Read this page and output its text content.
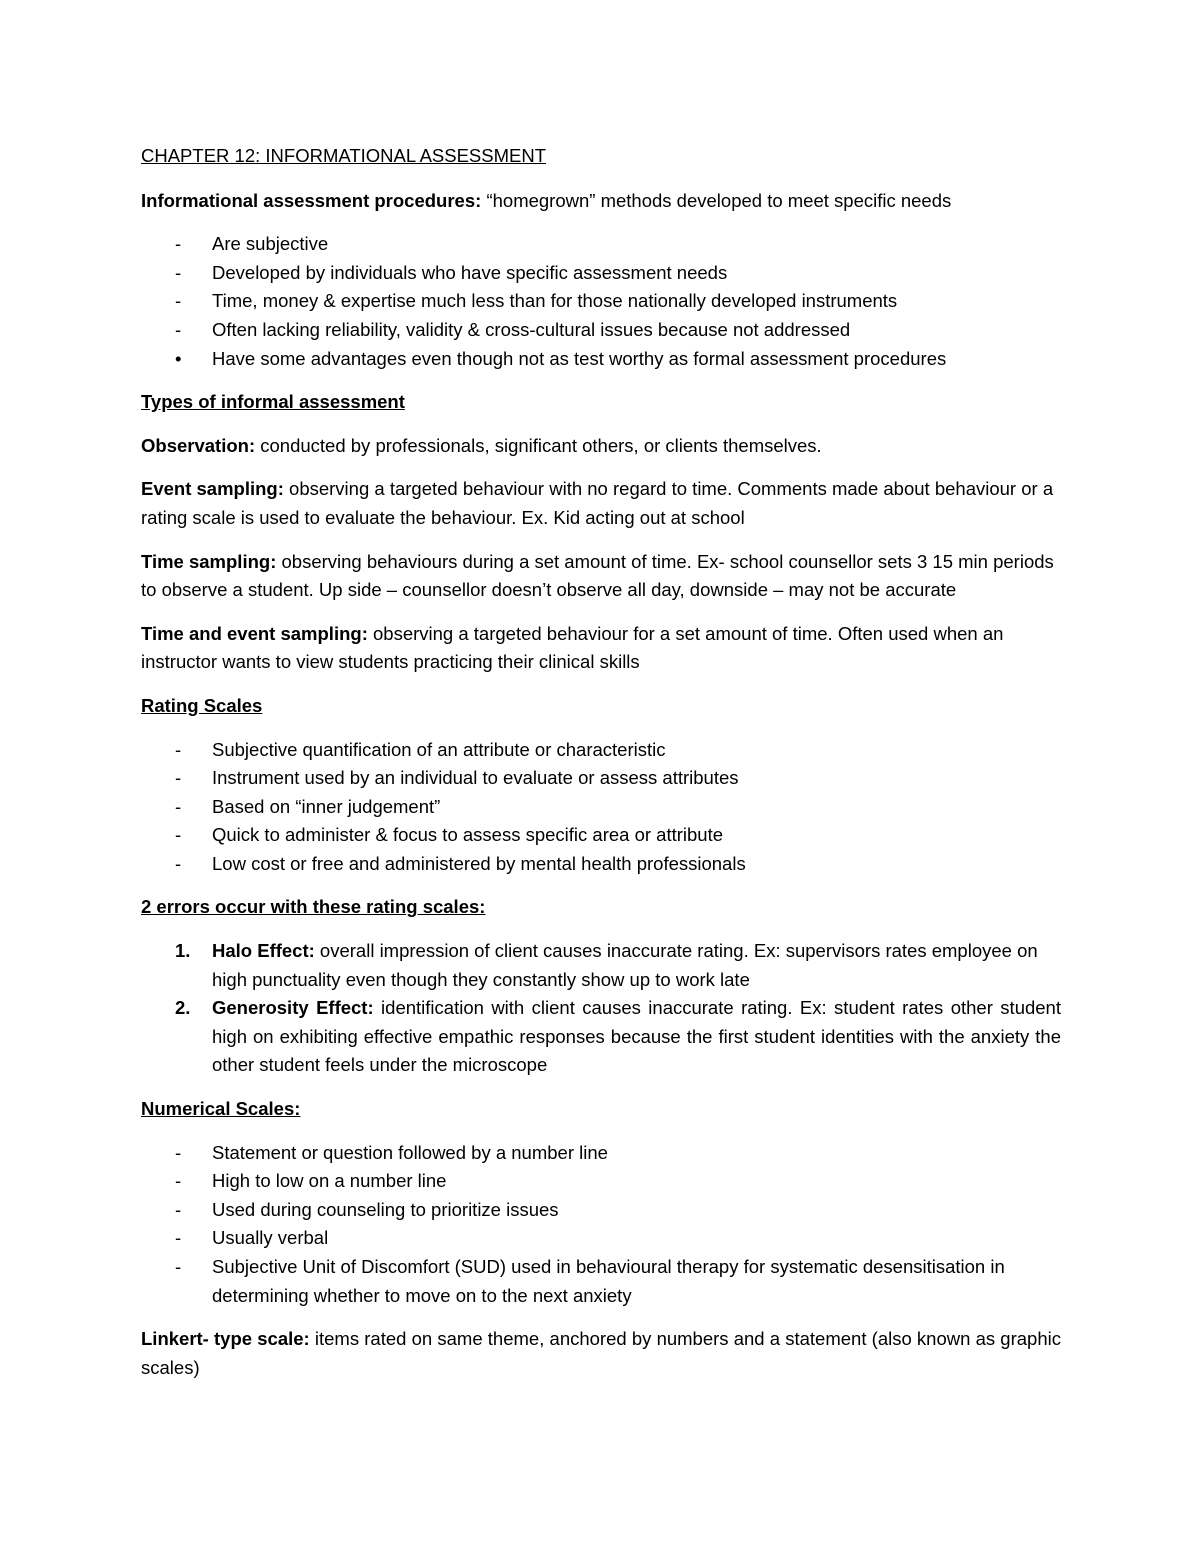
CHAPTER 12: INFORMATIONAL ASSESSMENT

Informational assessment procedures: “homegrown” methods developed to meet specific needs

- Are subjective
- Developed by individuals who have specific assessment needs
- Time, money & expertise much less than for those nationally developed instruments
- Often lacking reliability, validity & cross-cultural issues because not addressed
• Have some advantages even though not as test worthy as formal assessment procedures

Types of informal assessment

Observation: conducted by professionals, significant others, or clients themselves.

Event sampling: observing a targeted behaviour with no regard to time. Comments made about behaviour or a rating scale is used to evaluate the behaviour. Ex. Kid acting out at school

Time sampling: observing behaviours during a set amount of time. Ex- school counsellor sets 3 15 min periods to observe a student. Up side – counsellor doesn’t observe all day, downside – may not be accurate

Time and event sampling: observing a targeted behaviour for a set amount of time. Often used when an instructor wants to view students practicing their clinical skills

Rating Scales

- Subjective quantification of an attribute or characteristic
- Instrument used by an individual to evaluate or assess attributes
- Based on “inner judgement”
- Quick to administer & focus to assess specific area or attribute
- Low cost or free and administered by mental health professionals

2 errors occur with these rating scales:

1. Halo Effect: overall impression of client causes inaccurate rating. Ex: supervisors rates employee on high punctuality even though they constantly show up to work late
2. Generosity Effect: identification with client causes inaccurate rating. Ex: student rates other student high on exhibiting effective empathic responses because the first student identities with the anxiety the other student feels under the microscope

Numerical Scales:

- Statement or question followed by a number line
- High to low on a number line
- Used during counseling to prioritize issues
- Usually verbal
- Subjective Unit of Discomfort (SUD) used in behavioural therapy for systematic desensitisation in determining whether to move on to the next anxiety

Linkert- type scale: items rated on same theme, anchored by numbers and a statement (also known as graphic scales)
